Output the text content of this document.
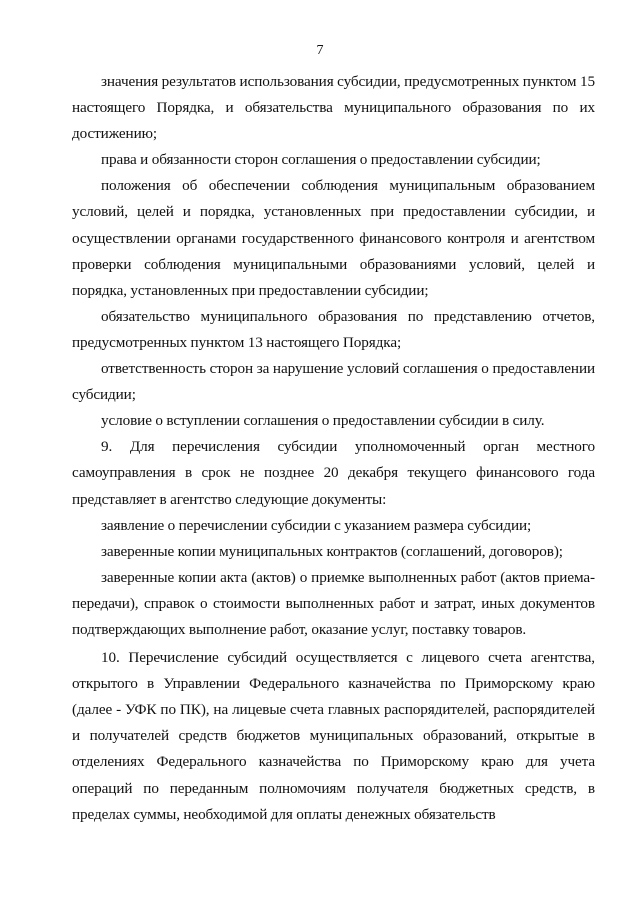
7

значения результатов использования субсидии, предусмотренных пунктом 15 настоящего Порядка, и обязательства муниципального образования по их достижению;

права и обязанности сторон соглашения о предоставлении субсидии;

положения об обеспечении соблюдения муниципальным образованием условий, целей и порядка, установленных при предоставлении субсидии, и осуществлении органами государственного финансового контроля и агентством проверки соблюдения муниципальными образованиями условий, целей и порядка, установленных при предоставлении субсидии;

обязательство муниципального образования по представлению отчетов, предусмотренных пунктом 13 настоящего Порядка;

ответственность сторон за нарушение условий соглашения о предоставлении субсидии;

условие о вступлении соглашения о предоставлении субсидии в силу.

9. Для перечисления субсидии уполномоченный орган местного самоуправления в срок не позднее 20 декабря текущего финансового года представляет в агентство следующие документы:

заявление о перечислении субсидии с указанием размера субсидии;

заверенные копии муниципальных контрактов (соглашений, договоров);

заверенные копии акта (актов) о приемке выполненных работ (актов приема-передачи), справок о стоимости выполненных работ и затрат, иных документов подтверждающих выполнение работ, оказание услуг, поставку товаров.

10. Перечисление субсидий осуществляется с лицевого счета агентства, открытого в Управлении Федерального казначейства по Приморскому краю (далее - УФК по ПК), на лицевые счета главных распорядителей, распорядителей и получателей средств бюджетов муниципальных образований, открытые в отделениях Федерального казначейства по Приморскому краю для учета операций по переданным полномочиям получателя бюджетных средств, в пределах суммы, необходимой для оплаты денежных обязательств
